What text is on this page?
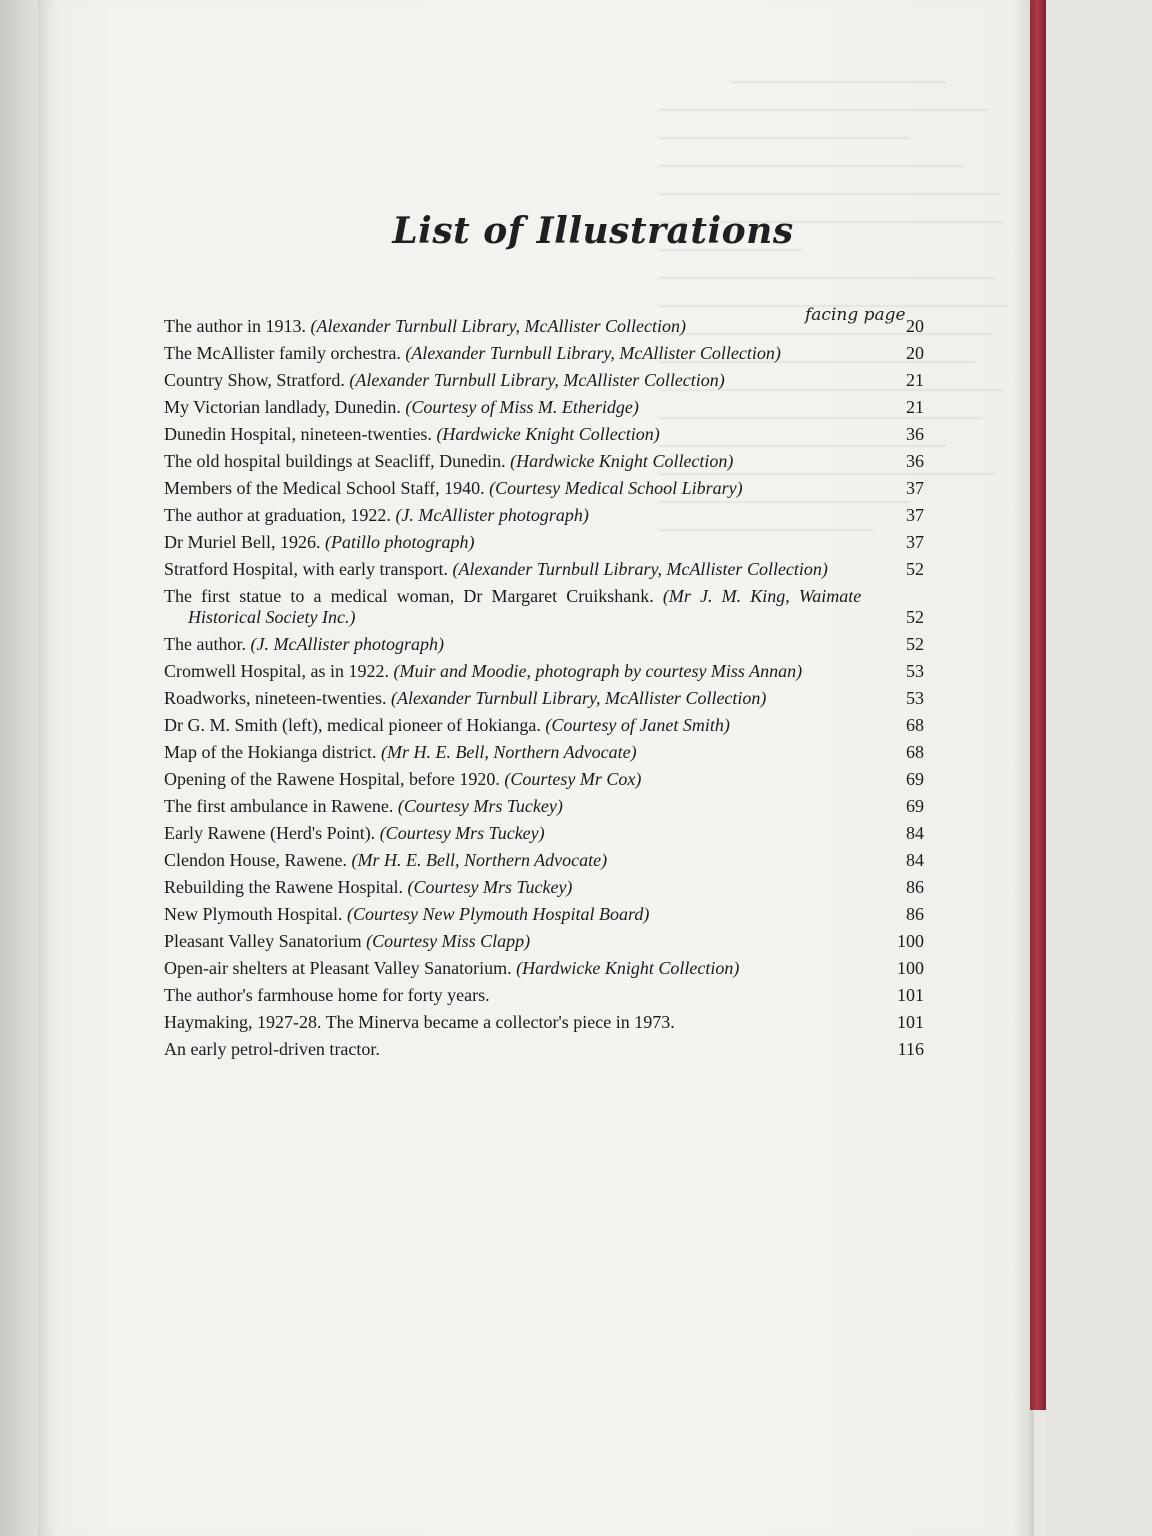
List of Illustrations
facing page
The author in 1913. (Alexander Turnbull Library, McAllister Collection)	20
The McAllister family orchestra. (Alexander Turnbull Library, McAllister Collection)	20
Country Show, Stratford. (Alexander Turnbull Library, McAllister Collection)	21
My Victorian landlady, Dunedin. (Courtesy of Miss M. Etheridge)	21
Dunedin Hospital, nineteen-twenties. (Hardwicke Knight Collection)	36
The old hospital buildings at Seacliff, Dunedin. (Hardwicke Knight Collection)	36
Members of the Medical School Staff, 1940. (Courtesy Medical School Library)	37
The author at graduation, 1922. (J. McAllister photograph)	37
Dr Muriel Bell, 1926. (Patillo photograph)	37
Stratford Hospital, with early transport. (Alexander Turnbull Library, McAllister Collection)	52
The first statue to a medical woman, Dr Margaret Cruikshank. (Mr J. M. King, Waimate Historical Society Inc.)	52
The author. (J. McAllister photograph)	52
Cromwell Hospital, as in 1922. (Muir and Moodie, photograph by courtesy Miss Annan)	53
Roadworks, nineteen-twenties. (Alexander Turnbull Library, McAllister Collection)	53
Dr G. M. Smith (left), medical pioneer of Hokianga. (Courtesy of Janet Smith)	68
Map of the Hokianga district. (Mr H. E. Bell, Northern Advocate)	68
Opening of the Rawene Hospital, before 1920. (Courtesy Mr Cox)	69
The first ambulance in Rawene. (Courtesy Mrs Tuckey)	69
Early Rawene (Herd's Point). (Courtesy Mrs Tuckey)	84
Clendon House, Rawene. (Mr H. E. Bell, Northern Advocate)	84
Rebuilding the Rawene Hospital. (Courtesy Mrs Tuckey)	86
New Plymouth Hospital. (Courtesy New Plymouth Hospital Board)	86
Pleasant Valley Sanatorium (Courtesy Miss Clapp)	100
Open-air shelters at Pleasant Valley Sanatorium. (Hardwicke Knight Collection)	100
The author's farmhouse home for forty years.	101
Haymaking, 1927-28. The Minerva became a collector's piece in 1973.	101
An early petrol-driven tractor.	116
